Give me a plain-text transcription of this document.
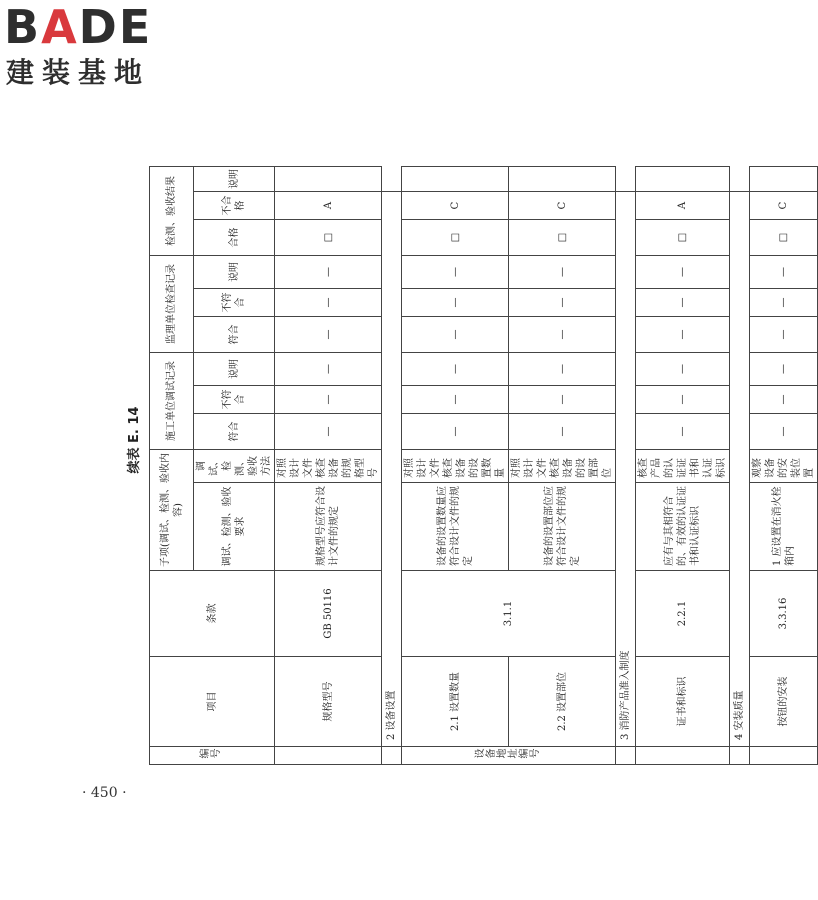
BADE
建装基地
续表 E. 14
编号	项目	条款	子项(调试、检测、验收内容)		施工单位调试记录			监理单位检查记录			检测、验收结果		
			调试、检测、验收要求	调试、检测、验收方法	符合	不符合	说明	符合	不符合	说明	合格	不合格	说明
	规格型号	GB 50116	规格型号应符合设计文件的规定	对照设计文件核查设备的规格型号	—	—	—	—	—	—	□	A	
	2 设备设置												
设备地址编号	2.1 设置数量	3.1.1	设备的设置数量应符合设计文件的规定	对照设计文件核查设备的设置数量	—	—	—	—	—	—	□	C	
	2.2 设置部位		设备的设置部位应符合设计文件的规定	对照设计文件核查设备的设置部位	—	—	—	—	—	—	□	C	
	3 消防产品准入制度												
	证书和标识	2.2.1	应有与其相符合的、有效的认证证书和认证标识	核查产品的认证证书和认证标识	—	—	—	—	—	—	□	A	
	4 安装质量												
	按钮的安装	3.3.16	1 应设置在消火栓箱内	观察设备的安装位置	—	—	—	—	—	—	□	C	
· 450 ·
